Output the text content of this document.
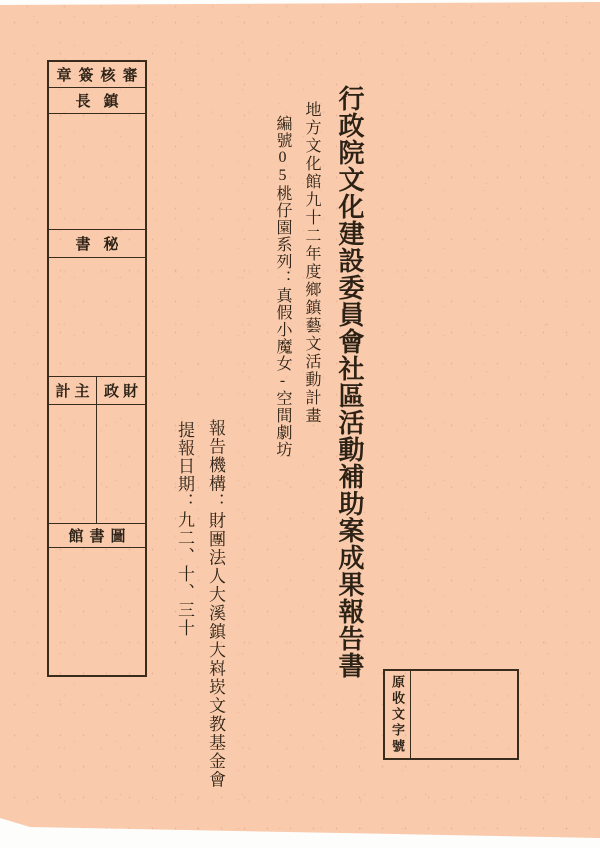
章簽核審
長鎮
書秘
計主 政財
館書圖	行政院文化建設委員會社區活動補助案成果報告書
地方文化館九十二年度鄉鎮藝文活動計畫
編號05桃仔園系列：真假小魔女-空間劇坊
報告機構：財團法人大溪鎮大嵙崁文教基金會
提報日期：九二、十、三十
原收文字號
